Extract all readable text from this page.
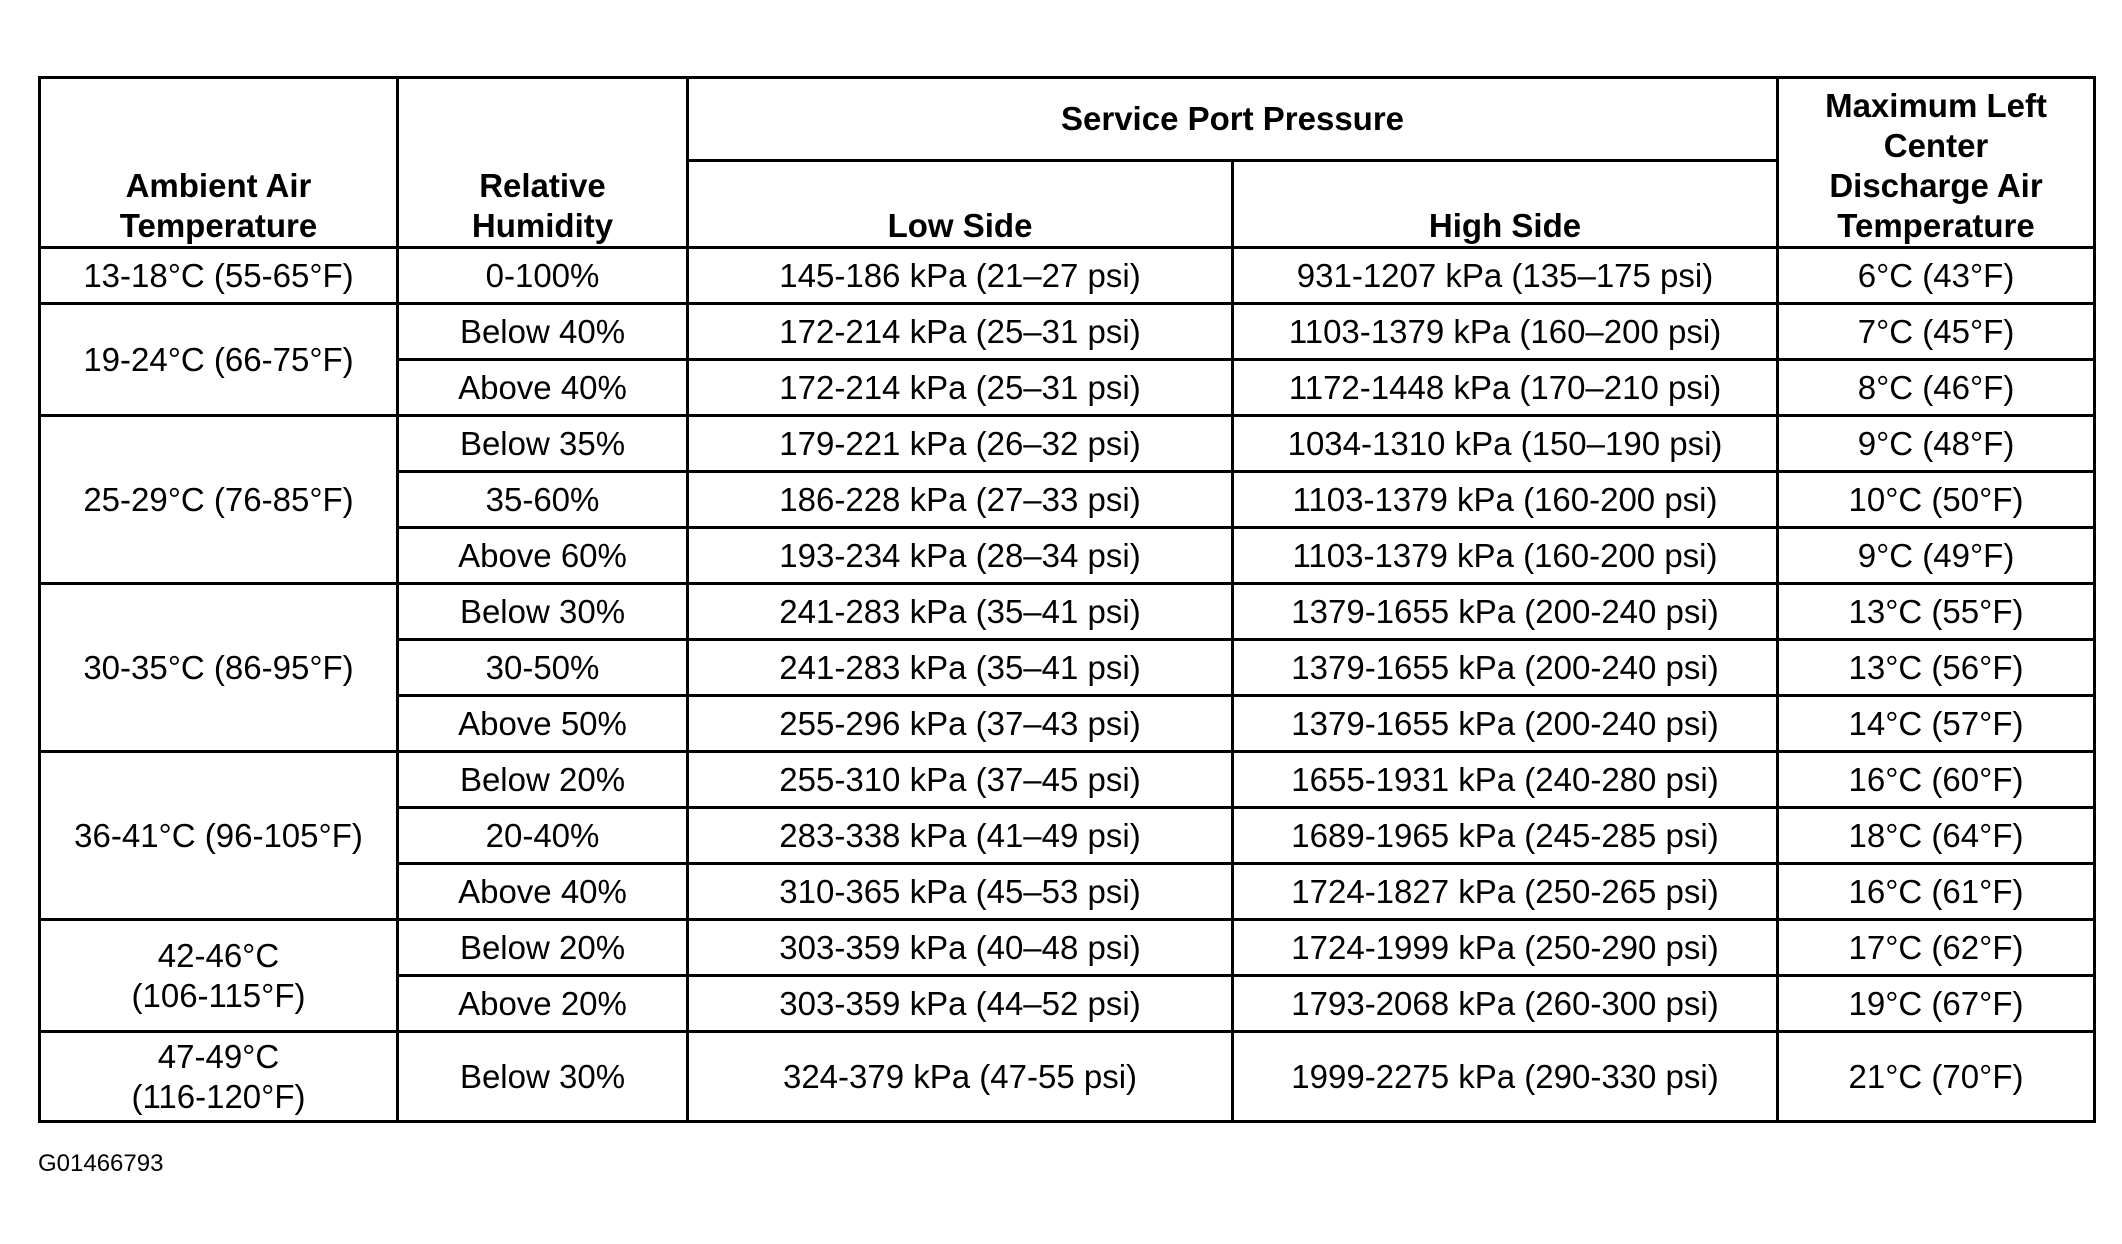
Ambient Air Temperature	Relative Humidity	Service Port Pressure		Maximum Left Center Discharge Air Temperature

		Low Side	High Side	
13-18°C (55-65°F)	0-100%	145-186 kPa (21–27 psi)	931-1207 kPa (135–175 psi)	6°C (43°F)
19-24°C (66-75°F)	Below 40%	172-214 kPa (25–31 psi)	1103-1379 kPa (160–200 psi)	7°C (45°F)
	Above 40%	172-214 kPa (25–31 psi)	1172-1448 kPa (170–210 psi)	8°C (46°F)
25-29°C (76-85°F)	Below 35%	179-221 kPa (26–32 psi)	1034-1310 kPa (150–190 psi)	9°C (48°F)
	35-60%	186-228 kPa (27–33 psi)	1103-1379 kPa (160-200 psi)	10°C (50°F)
	Above 60%	193-234 kPa (28–34 psi)	1103-1379 kPa (160-200 psi)	9°C (49°F)
30-35°C (86-95°F)	Below 30%	241-283 kPa (35–41 psi)	1379-1655 kPa (200-240 psi)	13°C (55°F)
	30-50%	241-283 kPa (35–41 psi)	1379-1655 kPa (200-240 psi)	13°C (56°F)
	Above 50%	255-296 kPa (37–43 psi)	1379-1655 kPa (200-240 psi)	14°C (57°F)
36-41°C (96-105°F)	Below 20%	255-310 kPa (37–45 psi)	1655-1931 kPa (240-280 psi)	16°C (60°F)
	20-40%	283-338 kPa (41–49 psi)	1689-1965 kPa (245-285 psi)	18°C (64°F)
	Above 40%	310-365 kPa (45–53 psi)	1724-1827 kPa (250-265 psi)	16°C (61°F)

42-46°C
(106-115°F)	Below 20%	303-359 kPa (40–48 psi)	1724-1999 kPa (250-290 psi)	17°C (62°F)
	Above 20%	303-359 kPa (44–52 psi)	1793-2068 kPa (260-300 psi)	19°C (67°F)

47-49°C
(116-120°F)	Below 30%	324-379 kPa (47-55 psi)	1999-2275 kPa (290-330 psi)	21°C (70°F)
G01466793
